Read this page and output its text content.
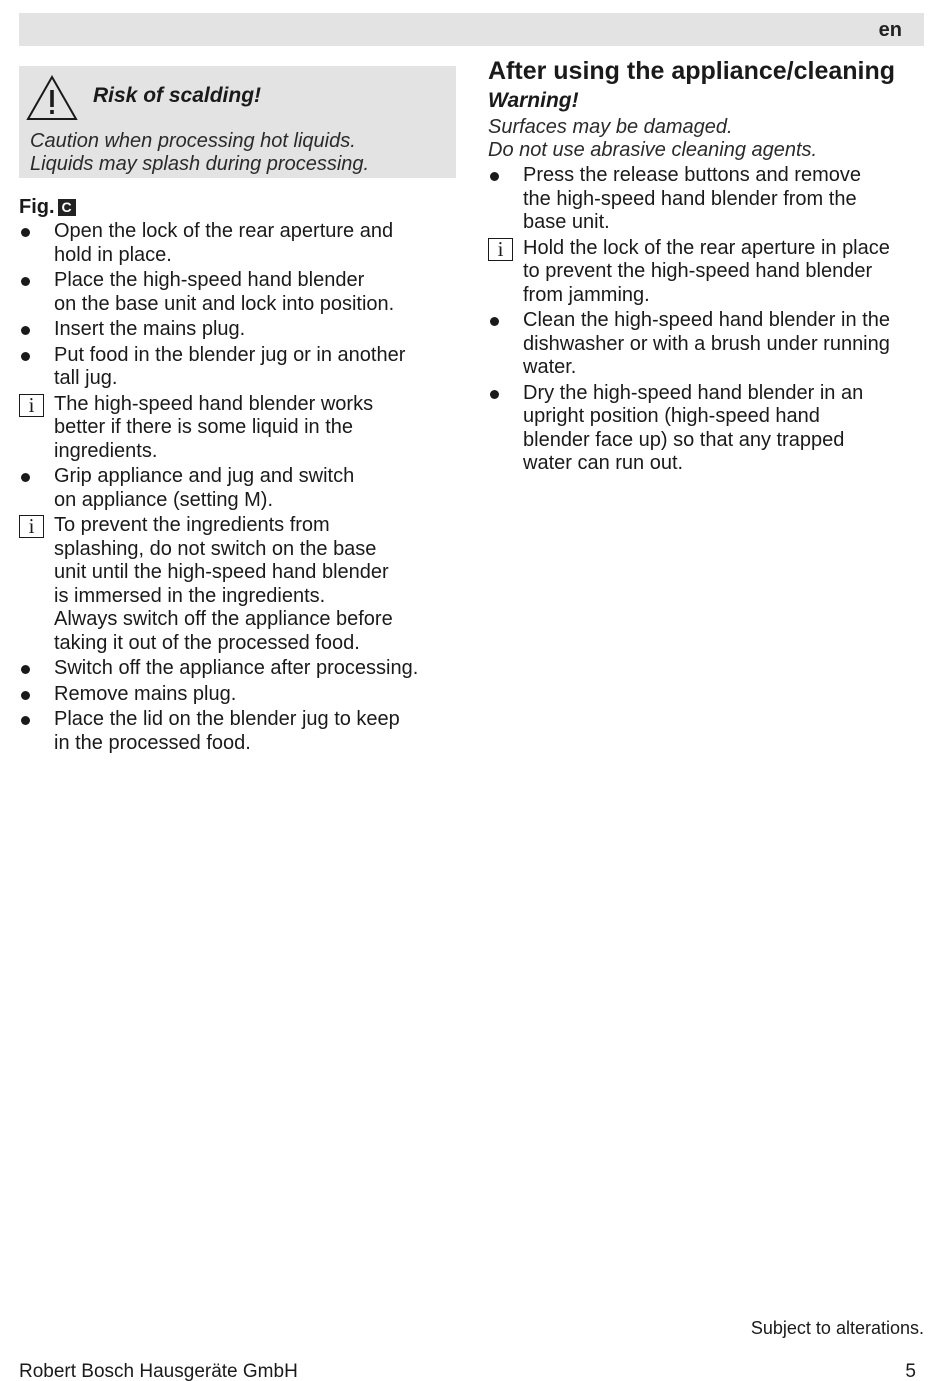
en
Risk of scalding!
Caution when processing hot liquids.
Liquids may splash during processing.
Fig. C

Open the lock of the rear aperture and

hold in place.

Place the high-speed hand blender

on the base unit and lock into position.

Insert the mains plug.

Put food in the blender jug or in another

tall jug.

i The high-speed hand blender works

better if there is some liquid in the

ingredients.

Grip appliance and jug and switch

on appliance (setting M).

i To prevent the ingredients from

splashing, do not switch on the base

unit until the high-speed hand blender

is immersed in the ingredients.

Always switch off the appliance before

taking it out of the processed food.

Switch off the appliance after processing.

Remove mains plug.

Place the lid on the blender jug to keep

in the processed food.

After using the appliance/cleaning
Warning!
Surfaces may be damaged.
Do not use abrasive cleaning agents.

Press the release buttons and remove

the high-speed hand blender from the

base unit.

i Hold the lock of the rear aperture in place

to prevent the high-speed hand blender

from jamming.

Clean the high-speed hand blender in the

dishwasher or with a brush under running

water.

Dry the high-speed hand blender in an

upright position (high-speed hand

blender face up) so that any trapped

water can run out.

Subject to alterations.
Robert Bosch Hausgeräte GmbH	5
